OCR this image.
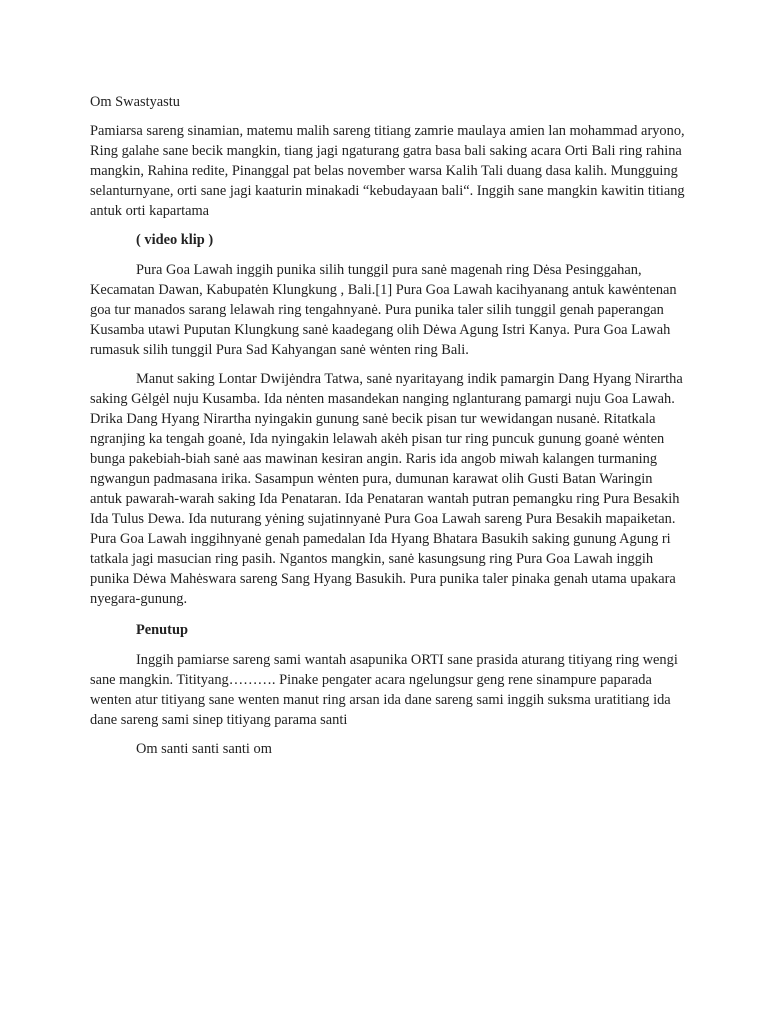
Om Swastyastu

Pamiarsa sareng sinamian, matemu malih sareng titiang zamrie maulaya amien lan mohammad aryono, Ring galahe sane becik mangkin, tiang jagi ngaturang gatra basa bali saking acara Orti Bali ring rahina mangkin, Rahina redite, Pinanggal pat belas november warsa Kalih Tali duang dasa kalih. Mungguing selanturnyane, orti sane jagi kaaturin minakadi “kebudayaan bali“. Inggih sane mangkin kawitin titiang antuk orti kapartama

( video klip )

Pura Goa Lawah inggih punika silih tunggil pura sanė magenah ring Dėsa Pesinggahan, Kecamatan Dawan, Kabupatėn Klungkung , Bali.[1] Pura Goa Lawah kacihyanang antuk kawėntenan goa tur manados sarang lelawah ring tengahnyanė. Pura punika taler silih tunggil genah paperangan Kusamba utawi Puputan Klungkung sanė kaadegang olih Dėwa Agung Istri Kanya. Pura Goa Lawah rumasuk silih tunggil Pura Sad Kahyangan sanė wėnten ring Bali.

Manut saking Lontar Dwijėndra Tatwa, sanė nyaritayang indik pamargin Dang Hyang Nirartha saking Gėlgėl nuju Kusamba. Ida nėnten masandekan nanging nglanturang pamargi nuju Goa Lawah. Drika Dang Hyang Nirartha nyingakin gunung sanė becik pisan tur wewidangan nusanė. Ritatkala ngranjing ka tengah goanė, Ida nyingakin lelawah akėh pisan tur ring puncuk gunung goanė wėnten bunga pakebiah-biah sanė aas mawinan kesiran angin. Raris ida angob miwah kalangen turmaning ngwangun padmasana irika. Sasampun wėnten pura, dumunan karawat olih Gusti Batan Waringin antuk pawarah-warah saking Ida Penataran. Ida Penataran wantah putran pemangku ring Pura Besakih Ida Tulus Dewa. Ida nuturang yėning sujatinnyanė Pura Goa Lawah sareng Pura Besakih mapaiketan. Pura Goa Lawah inggihnyanė genah pamedalan Ida Hyang Bhatara Basukih saking gunung Agung ri tatkala jagi masucian ring pasih. Ngantos mangkin, sanė kasungsung ring Pura Goa Lawah inggih punika Dėwa Mahėswara sareng Sang Hyang Basukih. Pura punika taler pinaka genah utama upakara nyegara-gunung.

Penutup

Inggih pamiarse sareng sami wantah asapunika ORTI sane prasida aturang titiyang ring wengi sane mangkin. Titityang………. Pinake pengater acara ngelungsur geng rene sinampure paparada wenten atur titiyang sane wenten manut ring arsan ida dane sareng sami inggih suksma uratitiang ida dane sareng sami sinep titiyang parama santi

Om santi santi santi om
